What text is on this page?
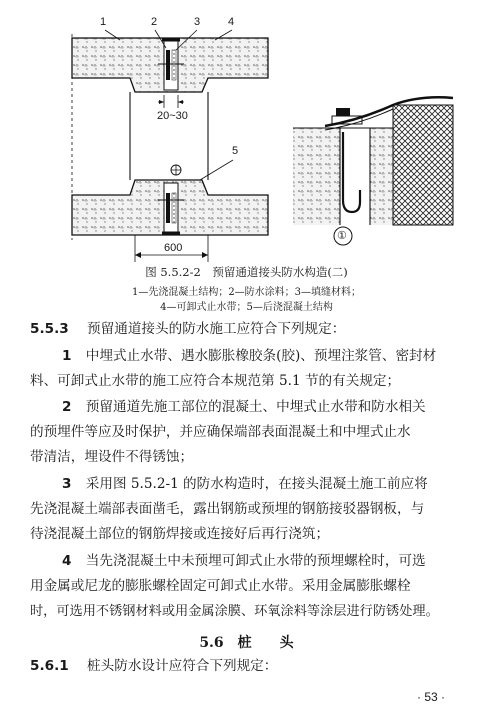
1	2	3	4
5
20~30
600
①
图 5.5.2-2　预留通道接头防水构造(二)
1—先浇混凝土结构；2—防水涂料；3—填缝材料；
4—可卸式止水带；5—后浇混凝土结构
5.5.3 预留通道接头的防水施工应符合下列规定：
1 中埋式止水带、遇水膨胀橡胶条(胶)、预埋注浆管、密封材
料、可卸式止水带的施工应符合本规范第 5.1 节的有关规定；
2 预留通道先施工部位的混凝土、中埋式止水带和防水相关
的预埋件等应及时保护，并应确保端部表面混凝土和中埋式止水
带清洁，埋设件不得锈蚀；
3 采用图 5.5.2-1 的防水构造时，在接头混凝土施工前应将
先浇混凝土端部表面凿毛，露出钢筋或预埋的钢筋接驳器钢板，与
待浇混凝土部位的钢筋焊接或连接好后再行浇筑；
4 当先浇混凝土中未预埋可卸式止水带的预埋螺栓时，可选
用金属或尼龙的膨胀螺栓固定可卸式止水带。采用金属膨胀螺栓
时，可选用不锈钢材料或用金属涂膜、环氧涂料等涂层进行防锈处理。
5.6　桩　　头
5.6.1 桩头防水设计应符合下列规定：
· 53 ·
